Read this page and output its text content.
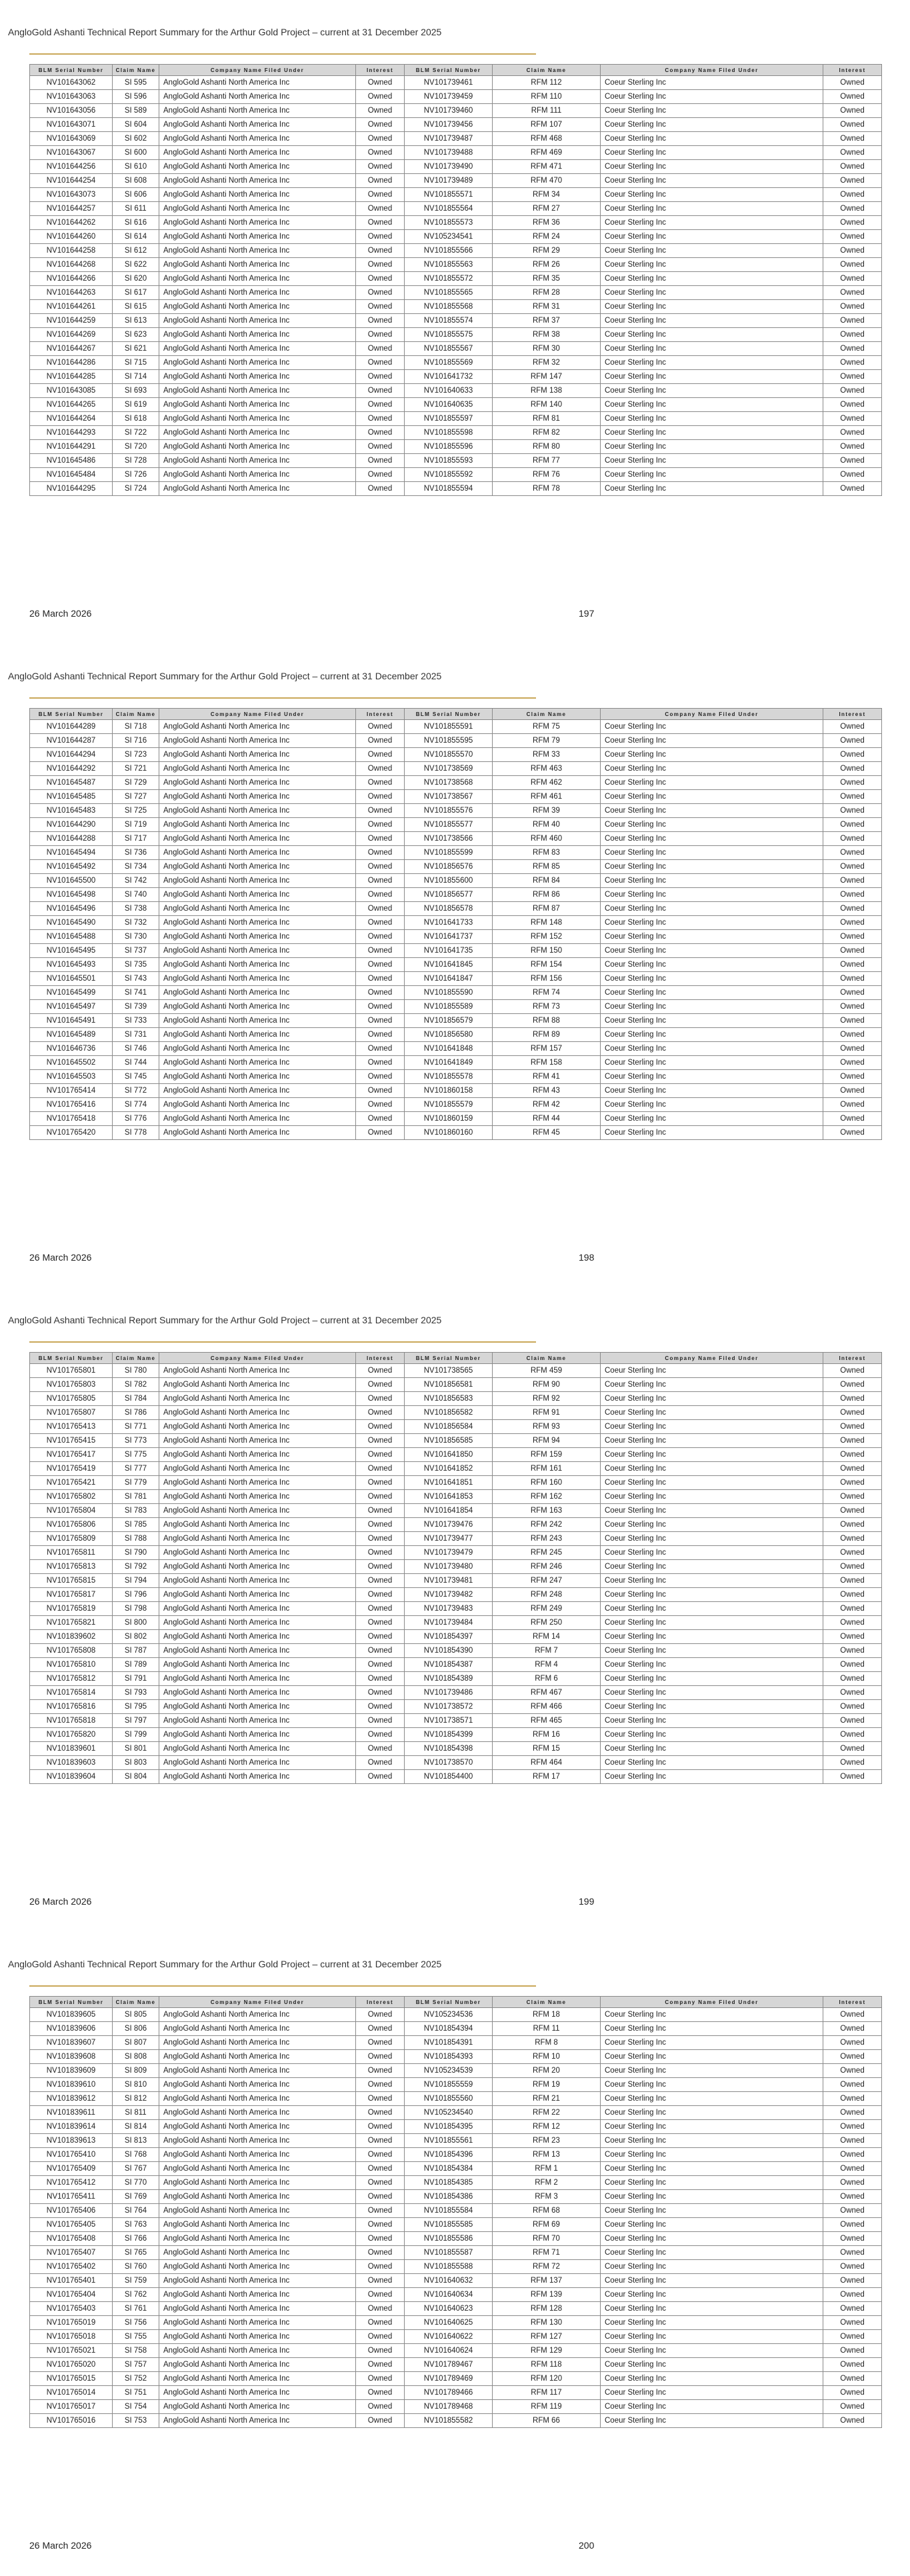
AngloGold Ashanti Technical Report Summary for the Arthur Gold Project – current at 31 December 2025
BLM Serial Number	Claim Name	Company Name Filed Under	Interest	BLM Serial Number	Claim Name	Company Name Filed Under	Interest
NV101643062	SI 595	AngloGold Ashanti North America Inc	Owned	NV101739461	RFM 112	Coeur Sterling Inc	Owned
NV101643063	SI 596	AngloGold Ashanti North America Inc	Owned	NV101739459	RFM 110	Coeur Sterling Inc	Owned
NV101643056	SI 589	AngloGold Ashanti North America Inc	Owned	NV101739460	RFM 111	Coeur Sterling Inc	Owned
NV101643071	SI 604	AngloGold Ashanti North America Inc	Owned	NV101739456	RFM 107	Coeur Sterling Inc	Owned
NV101643069	SI 602	AngloGold Ashanti North America Inc	Owned	NV101739487	RFM 468	Coeur Sterling Inc	Owned
NV101643067	SI 600	AngloGold Ashanti North America Inc	Owned	NV101739488	RFM 469	Coeur Sterling Inc	Owned
NV101644256	SI 610	AngloGold Ashanti North America Inc	Owned	NV101739490	RFM 471	Coeur Sterling Inc	Owned
NV101644254	SI 608	AngloGold Ashanti North America Inc	Owned	NV101739489	RFM 470	Coeur Sterling Inc	Owned
NV101643073	SI 606	AngloGold Ashanti North America Inc	Owned	NV101855571	RFM 34	Coeur Sterling Inc	Owned
NV101644257	SI 611	AngloGold Ashanti North America Inc	Owned	NV101855564	RFM 27	Coeur Sterling Inc	Owned
NV101644262	SI 616	AngloGold Ashanti North America Inc	Owned	NV101855573	RFM 36	Coeur Sterling Inc	Owned
NV101644260	SI 614	AngloGold Ashanti North America Inc	Owned	NV105234541	RFM 24	Coeur Sterling Inc	Owned
NV101644258	SI 612	AngloGold Ashanti North America Inc	Owned	NV101855566	RFM 29	Coeur Sterling Inc	Owned
NV101644268	SI 622	AngloGold Ashanti North America Inc	Owned	NV101855563	RFM 26	Coeur Sterling Inc	Owned
NV101644266	SI 620	AngloGold Ashanti North America Inc	Owned	NV101855572	RFM 35	Coeur Sterling Inc	Owned
NV101644263	SI 617	AngloGold Ashanti North America Inc	Owned	NV101855565	RFM 28	Coeur Sterling Inc	Owned
NV101644261	SI 615	AngloGold Ashanti North America Inc	Owned	NV101855568	RFM 31	Coeur Sterling Inc	Owned
NV101644259	SI 613	AngloGold Ashanti North America Inc	Owned	NV101855574	RFM 37	Coeur Sterling Inc	Owned
NV101644269	SI 623	AngloGold Ashanti North America Inc	Owned	NV101855575	RFM 38	Coeur Sterling Inc	Owned
NV101644267	SI 621	AngloGold Ashanti North America Inc	Owned	NV101855567	RFM 30	Coeur Sterling Inc	Owned
NV101644286	SI 715	AngloGold Ashanti North America Inc	Owned	NV101855569	RFM 32	Coeur Sterling Inc	Owned
NV101644285	SI 714	AngloGold Ashanti North America Inc	Owned	NV101641732	RFM 147	Coeur Sterling Inc	Owned
NV101643085	SI 693	AngloGold Ashanti North America Inc	Owned	NV101640633	RFM 138	Coeur Sterling Inc	Owned
NV101644265	SI 619	AngloGold Ashanti North America Inc	Owned	NV101640635	RFM 140	Coeur Sterling Inc	Owned
NV101644264	SI 618	AngloGold Ashanti North America Inc	Owned	NV101855597	RFM 81	Coeur Sterling Inc	Owned
NV101644293	SI 722	AngloGold Ashanti North America Inc	Owned	NV101855598	RFM 82	Coeur Sterling Inc	Owned
NV101644291	SI 720	AngloGold Ashanti North America Inc	Owned	NV101855596	RFM 80	Coeur Sterling Inc	Owned
NV101645486	SI 728	AngloGold Ashanti North America Inc	Owned	NV101855593	RFM 77	Coeur Sterling Inc	Owned
NV101645484	SI 726	AngloGold Ashanti North America Inc	Owned	NV101855592	RFM 76	Coeur Sterling Inc	Owned
NV101644295	SI 724	AngloGold Ashanti North America Inc	Owned	NV101855594	RFM 78	Coeur Sterling Inc	Owned
26 March 2026	197
AngloGold Ashanti Technical Report Summary for the Arthur Gold Project – current at 31 December 2025
BLM Serial Number	Claim Name	Company Name Filed Under	Interest	BLM Serial Number	Claim Name	Company Name Filed Under	Interest
NV101644289	SI 718	AngloGold Ashanti North America Inc	Owned	NV101855591	RFM 75	Coeur Sterling Inc	Owned
NV101644287	SI 716	AngloGold Ashanti North America Inc	Owned	NV101855595	RFM 79	Coeur Sterling Inc	Owned
NV101644294	SI 723	AngloGold Ashanti North America Inc	Owned	NV101855570	RFM 33	Coeur Sterling Inc	Owned
NV101644292	SI 721	AngloGold Ashanti North America Inc	Owned	NV101738569	RFM 463	Coeur Sterling Inc	Owned
NV101645487	SI 729	AngloGold Ashanti North America Inc	Owned	NV101738568	RFM 462	Coeur Sterling Inc	Owned
NV101645485	SI 727	AngloGold Ashanti North America Inc	Owned	NV101738567	RFM 461	Coeur Sterling Inc	Owned
NV101645483	SI 725	AngloGold Ashanti North America Inc	Owned	NV101855576	RFM 39	Coeur Sterling Inc	Owned
NV101644290	SI 719	AngloGold Ashanti North America Inc	Owned	NV101855577	RFM 40	Coeur Sterling Inc	Owned
NV101644288	SI 717	AngloGold Ashanti North America Inc	Owned	NV101738566	RFM 460	Coeur Sterling Inc	Owned
NV101645494	SI 736	AngloGold Ashanti North America Inc	Owned	NV101855599	RFM 83	Coeur Sterling Inc	Owned
NV101645492	SI 734	AngloGold Ashanti North America Inc	Owned	NV101856576	RFM 85	Coeur Sterling Inc	Owned
NV101645500	SI 742	AngloGold Ashanti North America Inc	Owned	NV101855600	RFM 84	Coeur Sterling Inc	Owned
NV101645498	SI 740	AngloGold Ashanti North America Inc	Owned	NV101856577	RFM 86	Coeur Sterling Inc	Owned
NV101645496	SI 738	AngloGold Ashanti North America Inc	Owned	NV101856578	RFM 87	Coeur Sterling Inc	Owned
NV101645490	SI 732	AngloGold Ashanti North America Inc	Owned	NV101641733	RFM 148	Coeur Sterling Inc	Owned
NV101645488	SI 730	AngloGold Ashanti North America Inc	Owned	NV101641737	RFM 152	Coeur Sterling Inc	Owned
NV101645495	SI 737	AngloGold Ashanti North America Inc	Owned	NV101641735	RFM 150	Coeur Sterling Inc	Owned
NV101645493	SI 735	AngloGold Ashanti North America Inc	Owned	NV101641845	RFM 154	Coeur Sterling Inc	Owned
NV101645501	SI 743	AngloGold Ashanti North America Inc	Owned	NV101641847	RFM 156	Coeur Sterling Inc	Owned
NV101645499	SI 741	AngloGold Ashanti North America Inc	Owned	NV101855590	RFM 74	Coeur Sterling Inc	Owned
NV101645497	SI 739	AngloGold Ashanti North America Inc	Owned	NV101855589	RFM 73	Coeur Sterling Inc	Owned
NV101645491	SI 733	AngloGold Ashanti North America Inc	Owned	NV101856579	RFM 88	Coeur Sterling Inc	Owned
NV101645489	SI 731	AngloGold Ashanti North America Inc	Owned	NV101856580	RFM 89	Coeur Sterling Inc	Owned
NV101646736	SI 746	AngloGold Ashanti North America Inc	Owned	NV101641848	RFM 157	Coeur Sterling Inc	Owned
NV101645502	SI 744	AngloGold Ashanti North America Inc	Owned	NV101641849	RFM 158	Coeur Sterling Inc	Owned
NV101645503	SI 745	AngloGold Ashanti North America Inc	Owned	NV101855578	RFM 41	Coeur Sterling Inc	Owned
NV101765414	SI 772	AngloGold Ashanti North America Inc	Owned	NV101860158	RFM 43	Coeur Sterling Inc	Owned
NV101765416	SI 774	AngloGold Ashanti North America Inc	Owned	NV101855579	RFM 42	Coeur Sterling Inc	Owned
NV101765418	SI 776	AngloGold Ashanti North America Inc	Owned	NV101860159	RFM 44	Coeur Sterling Inc	Owned
NV101765420	SI 778	AngloGold Ashanti North America Inc	Owned	NV101860160	RFM 45	Coeur Sterling Inc	Owned
26 March 2026	198
AngloGold Ashanti Technical Report Summary for the Arthur Gold Project – current at 31 December 2025
BLM Serial Number	Claim Name	Company Name Filed Under	Interest	BLM Serial Number	Claim Name	Company Name Filed Under	Interest
NV101765801	SI 780	AngloGold Ashanti North America Inc	Owned	NV101738565	RFM 459	Coeur Sterling Inc	Owned
NV101765803	SI 782	AngloGold Ashanti North America Inc	Owned	NV101856581	RFM 90	Coeur Sterling Inc	Owned
NV101765805	SI 784	AngloGold Ashanti North America Inc	Owned	NV101856583	RFM 92	Coeur Sterling Inc	Owned
NV101765807	SI 786	AngloGold Ashanti North America Inc	Owned	NV101856582	RFM 91	Coeur Sterling Inc	Owned
NV101765413	SI 771	AngloGold Ashanti North America Inc	Owned	NV101856584	RFM 93	Coeur Sterling Inc	Owned
NV101765415	SI 773	AngloGold Ashanti North America Inc	Owned	NV101856585	RFM 94	Coeur Sterling Inc	Owned
NV101765417	SI 775	AngloGold Ashanti North America Inc	Owned	NV101641850	RFM 159	Coeur Sterling Inc	Owned
NV101765419	SI 777	AngloGold Ashanti North America Inc	Owned	NV101641852	RFM 161	Coeur Sterling Inc	Owned
NV101765421	SI 779	AngloGold Ashanti North America Inc	Owned	NV101641851	RFM 160	Coeur Sterling Inc	Owned
NV101765802	SI 781	AngloGold Ashanti North America Inc	Owned	NV101641853	RFM 162	Coeur Sterling Inc	Owned
NV101765804	SI 783	AngloGold Ashanti North America Inc	Owned	NV101641854	RFM 163	Coeur Sterling Inc	Owned
NV101765806	SI 785	AngloGold Ashanti North America Inc	Owned	NV101739476	RFM 242	Coeur Sterling Inc	Owned
NV101765809	SI 788	AngloGold Ashanti North America Inc	Owned	NV101739477	RFM 243	Coeur Sterling Inc	Owned
NV101765811	SI 790	AngloGold Ashanti North America Inc	Owned	NV101739479	RFM 245	Coeur Sterling Inc	Owned
NV101765813	SI 792	AngloGold Ashanti North America Inc	Owned	NV101739480	RFM 246	Coeur Sterling Inc	Owned
NV101765815	SI 794	AngloGold Ashanti North America Inc	Owned	NV101739481	RFM 247	Coeur Sterling Inc	Owned
NV101765817	SI 796	AngloGold Ashanti North America Inc	Owned	NV101739482	RFM 248	Coeur Sterling Inc	Owned
NV101765819	SI 798	AngloGold Ashanti North America Inc	Owned	NV101739483	RFM 249	Coeur Sterling Inc	Owned
NV101765821	SI 800	AngloGold Ashanti North America Inc	Owned	NV101739484	RFM 250	Coeur Sterling Inc	Owned
NV101839602	SI 802	AngloGold Ashanti North America Inc	Owned	NV101854397	RFM 14	Coeur Sterling Inc	Owned
NV101765808	SI 787	AngloGold Ashanti North America Inc	Owned	NV101854390	RFM 7	Coeur Sterling Inc	Owned
NV101765810	SI 789	AngloGold Ashanti North America Inc	Owned	NV101854387	RFM 4	Coeur Sterling Inc	Owned
NV101765812	SI 791	AngloGold Ashanti North America Inc	Owned	NV101854389	RFM 6	Coeur Sterling Inc	Owned
NV101765814	SI 793	AngloGold Ashanti North America Inc	Owned	NV101739486	RFM 467	Coeur Sterling Inc	Owned
NV101765816	SI 795	AngloGold Ashanti North America Inc	Owned	NV101738572	RFM 466	Coeur Sterling Inc	Owned
NV101765818	SI 797	AngloGold Ashanti North America Inc	Owned	NV101738571	RFM 465	Coeur Sterling Inc	Owned
NV101765820	SI 799	AngloGold Ashanti North America Inc	Owned	NV101854399	RFM 16	Coeur Sterling Inc	Owned
NV101839601	SI 801	AngloGold Ashanti North America Inc	Owned	NV101854398	RFM 15	Coeur Sterling Inc	Owned
NV101839603	SI 803	AngloGold Ashanti North America Inc	Owned	NV101738570	RFM 464	Coeur Sterling Inc	Owned
NV101839604	SI 804	AngloGold Ashanti North America Inc	Owned	NV101854400	RFM 17	Coeur Sterling Inc	Owned
26 March 2026	199
AngloGold Ashanti Technical Report Summary for the Arthur Gold Project – current at 31 December 2025
BLM Serial Number	Claim Name	Company Name Filed Under	Interest	BLM Serial Number	Claim Name	Company Name Filed Under	Interest
NV101839605	SI 805	AngloGold Ashanti North America Inc	Owned	NV105234536	RFM 18	Coeur Sterling Inc	Owned
NV101839606	SI 806	AngloGold Ashanti North America Inc	Owned	NV101854394	RFM 11	Coeur Sterling Inc	Owned
NV101839607	SI 807	AngloGold Ashanti North America Inc	Owned	NV101854391	RFM 8	Coeur Sterling Inc	Owned
NV101839608	SI 808	AngloGold Ashanti North America Inc	Owned	NV101854393	RFM 10	Coeur Sterling Inc	Owned
NV101839609	SI 809	AngloGold Ashanti North America Inc	Owned	NV105234539	RFM 20	Coeur Sterling Inc	Owned
NV101839610	SI 810	AngloGold Ashanti North America Inc	Owned	NV101855559	RFM 19	Coeur Sterling Inc	Owned
NV101839612	SI 812	AngloGold Ashanti North America Inc	Owned	NV101855560	RFM 21	Coeur Sterling Inc	Owned
NV101839611	SI 811	AngloGold Ashanti North America Inc	Owned	NV105234540	RFM 22	Coeur Sterling Inc	Owned
NV101839614	SI 814	AngloGold Ashanti North America Inc	Owned	NV101854395	RFM 12	Coeur Sterling Inc	Owned
NV101839613	SI 813	AngloGold Ashanti North America Inc	Owned	NV101855561	RFM 23	Coeur Sterling Inc	Owned
NV101765410	SI 768	AngloGold Ashanti North America Inc	Owned	NV101854396	RFM 13	Coeur Sterling Inc	Owned
NV101765409	SI 767	AngloGold Ashanti North America Inc	Owned	NV101854384	RFM 1	Coeur Sterling Inc	Owned
NV101765412	SI 770	AngloGold Ashanti North America Inc	Owned	NV101854385	RFM 2	Coeur Sterling Inc	Owned
NV101765411	SI 769	AngloGold Ashanti North America Inc	Owned	NV101854386	RFM 3	Coeur Sterling Inc	Owned
NV101765406	SI 764	AngloGold Ashanti North America Inc	Owned	NV101855584	RFM 68	Coeur Sterling Inc	Owned
NV101765405	SI 763	AngloGold Ashanti North America Inc	Owned	NV101855585	RFM 69	Coeur Sterling Inc	Owned
NV101765408	SI 766	AngloGold Ashanti North America Inc	Owned	NV101855586	RFM 70	Coeur Sterling Inc	Owned
NV101765407	SI 765	AngloGold Ashanti North America Inc	Owned	NV101855587	RFM 71	Coeur Sterling Inc	Owned
NV101765402	SI 760	AngloGold Ashanti North America Inc	Owned	NV101855588	RFM 72	Coeur Sterling Inc	Owned
NV101765401	SI 759	AngloGold Ashanti North America Inc	Owned	NV101640632	RFM 137	Coeur Sterling Inc	Owned
NV101765404	SI 762	AngloGold Ashanti North America Inc	Owned	NV101640634	RFM 139	Coeur Sterling Inc	Owned
NV101765403	SI 761	AngloGold Ashanti North America Inc	Owned	NV101640623	RFM 128	Coeur Sterling Inc	Owned
NV101765019	SI 756	AngloGold Ashanti North America Inc	Owned	NV101640625	RFM 130	Coeur Sterling Inc	Owned
NV101765018	SI 755	AngloGold Ashanti North America Inc	Owned	NV101640622	RFM 127	Coeur Sterling Inc	Owned
NV101765021	SI 758	AngloGold Ashanti North America Inc	Owned	NV101640624	RFM 129	Coeur Sterling Inc	Owned
NV101765020	SI 757	AngloGold Ashanti North America Inc	Owned	NV101789467	RFM 118	Coeur Sterling Inc	Owned
NV101765015	SI 752	AngloGold Ashanti North America Inc	Owned	NV101789469	RFM 120	Coeur Sterling Inc	Owned
NV101765014	SI 751	AngloGold Ashanti North America Inc	Owned	NV101789466	RFM 117	Coeur Sterling Inc	Owned
NV101765017	SI 754	AngloGold Ashanti North America Inc	Owned	NV101789468	RFM 119	Coeur Sterling Inc	Owned
NV101765016	SI 753	AngloGold Ashanti North America Inc	Owned	NV101855582	RFM 66	Coeur Sterling Inc	Owned
26 March 2026	200
